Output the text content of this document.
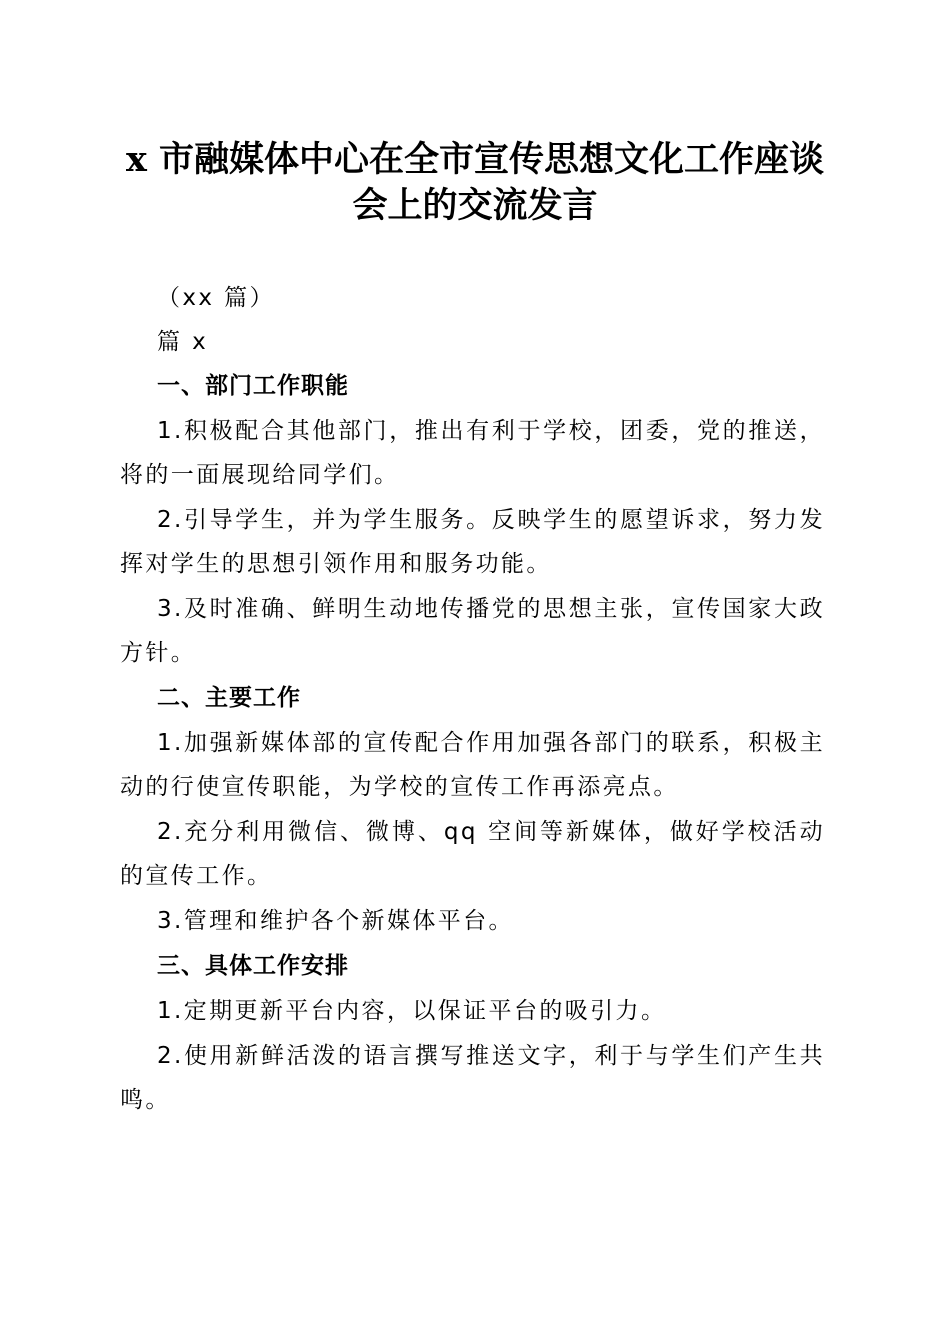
x 市融媒体中心在全市宣传思想文化工作座谈
会上的交流发言

（xx 篇）

篇 x

一、部门工作职能

1.积极配合其他部门，推出有利于学校，团委，党的推送，

将的一面展现给同学们。

2.引导学生，并为学生服务。反映学生的愿望诉求，努力发

挥对学生的思想引领作用和服务功能。

3.及时准确、鲜明生动地传播党的思想主张，宣传国家大政

方针。

二、主要工作

1.加强新媒体部的宣传配合作用加强各部门的联系，积极主

动的行使宣传职能，为学校的宣传工作再添亮点。

2.充分利用微信、微博、qq 空间等新媒体，做好学校活动

的宣传工作。

3.管理和维护各个新媒体平台。

三、具体工作安排

1.定期更新平台内容，以保证平台的吸引力。

2.使用新鲜活泼的语言撰写推送文字，利于与学生们产生共

鸣。
